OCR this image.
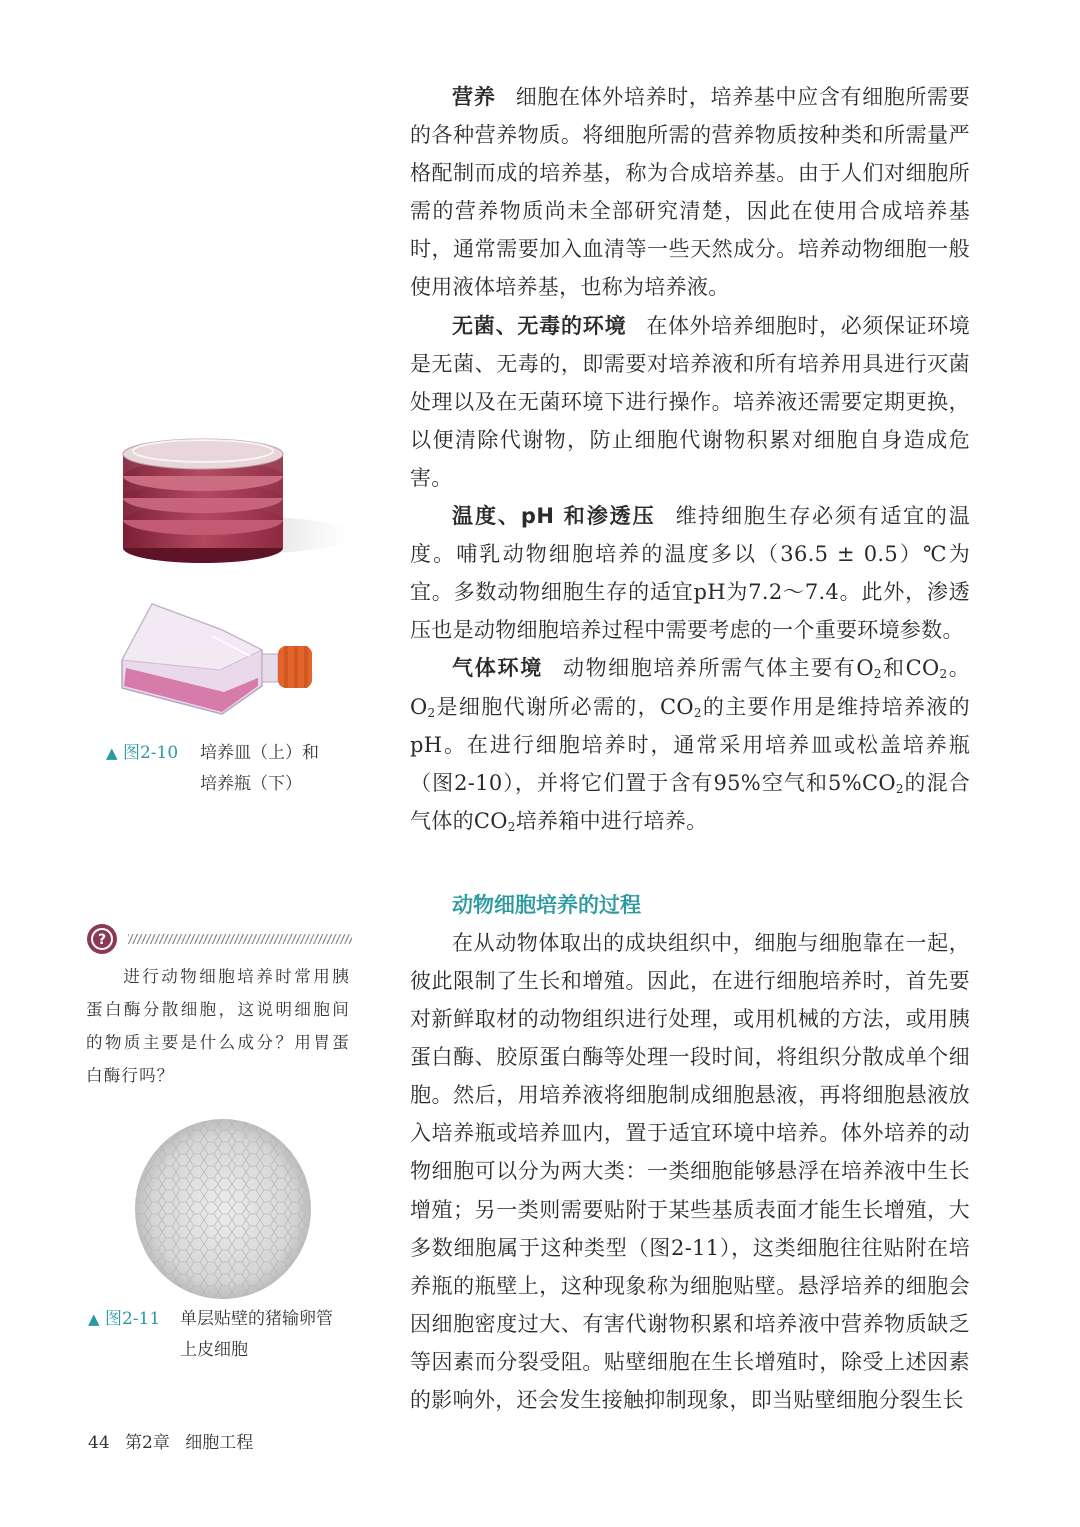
营养 细胞在体外培养时，培养基中应含有细胞所需要的各种营养物质。将细胞所需的营养物质按种类和所需量严格配制而成的培养基，称为合成培养基。由于人们对细胞所需的营养物质尚未全部研究清楚，因此在使用合成培养基时，通常需要加入血清等一些天然成分。培养动物细胞一般使用液体培养基，也称为培养液。

无菌、无毒的环境 在体外培养细胞时，必须保证环境是无菌、无毒的，即需要对培养液和所有培养用具进行灭菌处理以及在无菌环境下进行操作。培养液还需要定期更换，以便清除代谢物，防止细胞代谢物积累对细胞自身造成危害。

温度、pH 和渗透压 维持细胞生存必须有适宜的温度。哺乳动物细胞培养的温度多以（36.5 ± 0.5）℃为宜。多数动物细胞生存的适宜pH为7.2～7.4。此外，渗透压也是动物细胞培养过程中需要考虑的一个重要环境参数。

气体环境 动物细胞培养所需气体主要有$O_2$和$CO_2$。$O_2$是细胞代谢所必需的，$CO_2$的主要作用是维持培养液的pH。在进行细胞培养时，通常采用培养皿或松盖培养瓶（图2-10），并将它们置于含有95%空气和$5\%CO_2$的混合气体的$CO_2$培养箱中进行培养。

动物细胞培养的过程

在从动物体取出的成块组织中，细胞与细胞靠在一起，彼此限制了生长和增殖。因此，在进行细胞培养时，首先要对新鲜取材的动物组织进行处理，或用机械的方法，或用胰蛋白酶、胶原蛋白酶等处理一段时间，将组织分散成单个细胞。然后，用培养液将细胞制成细胞悬液，再将细胞悬液放入培养瓶或培养皿内，置于适宜环境中培养。体外培养的动物细胞可以分为两大类：一类细胞能够悬浮在培养液中生长增殖；另一类则需要贴附于某些基质表面才能生长增殖，大多数细胞属于这种类型（图2-11），这类细胞往往贴附在培养瓶的瓶壁上，这种现象称为细胞贴壁。悬浮培养的细胞会因细胞密度过大、有害代谢物积累和培养液中营养物质缺乏等因素而分裂受阻。贴壁细胞在生长增殖时，除受上述因素的影响外，还会发生接触抑制现象，即当贴壁细胞分裂生长

▲ 图2-10 培养皿（上）和
培养瓶（下）
?
进行动物细胞培养时常用胰蛋白酶分散细胞，这说明细胞间的物质主要是什么成分？用胃蛋白酶行吗？
▲ 图2-11 单层贴壁的猪输卵管
上皮细胞
44 第2章 细胞工程
